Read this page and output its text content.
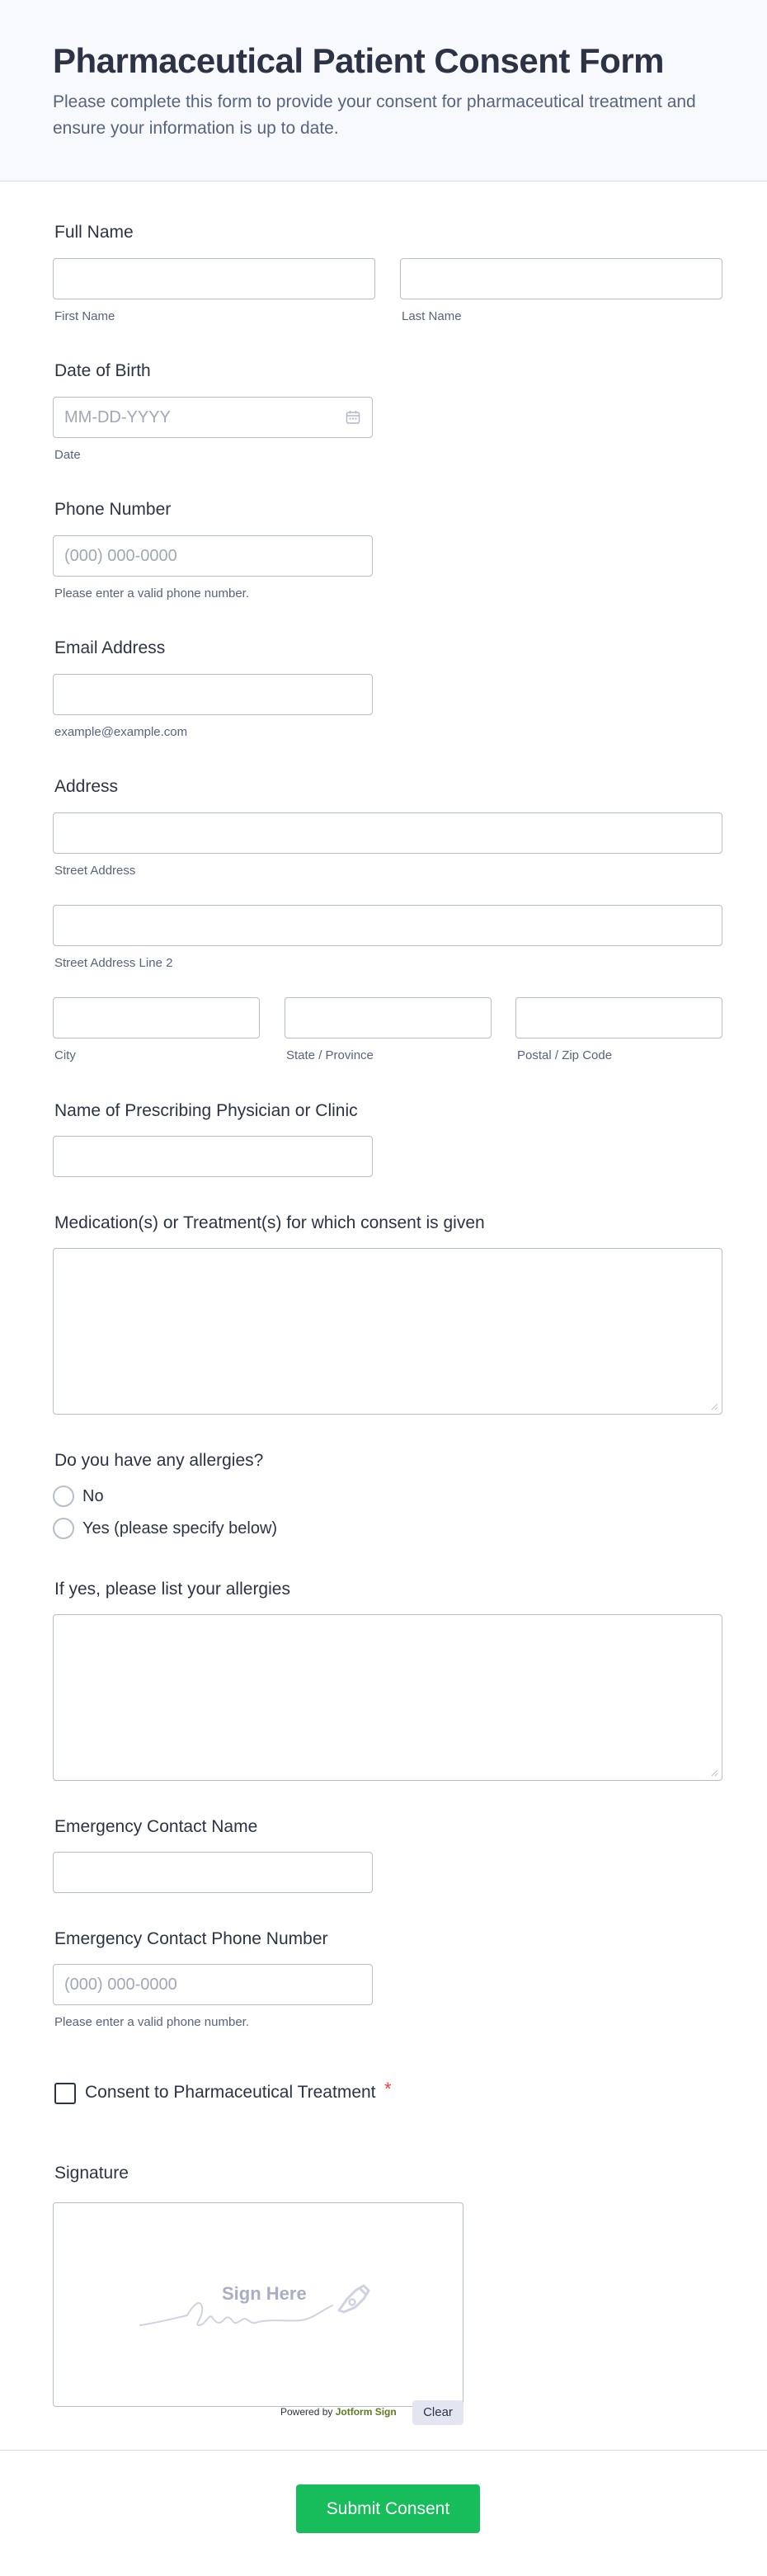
Pharmaceutical Patient Consent Form
Please complete this form to provide your consent for pharmaceutical treatment and ensure your information is up to date.
Full Name
First Name	Last Name
Date of Birth
MM-DD-YYYY
Date
Phone Number
(000) 000-0000
Please enter a valid phone number.
Email Address
example@example.com
Address
Street Address
Street Address Line 2
City	State / Province	Postal / Zip Code
Name of Prescribing Physician or Clinic
Medication(s) or Treatment(s) for which consent is given
Do you have any allergies?
No
Yes (please specify below)
If yes, please list your allergies
Emergency Contact Name
Emergency Contact Phone Number
(000) 000-0000
Please enter a valid phone number.
Consent to Pharmaceutical Treatment *
Signature
Sign Here
Powered by Jotform Sign	Clear
Submit Consent
